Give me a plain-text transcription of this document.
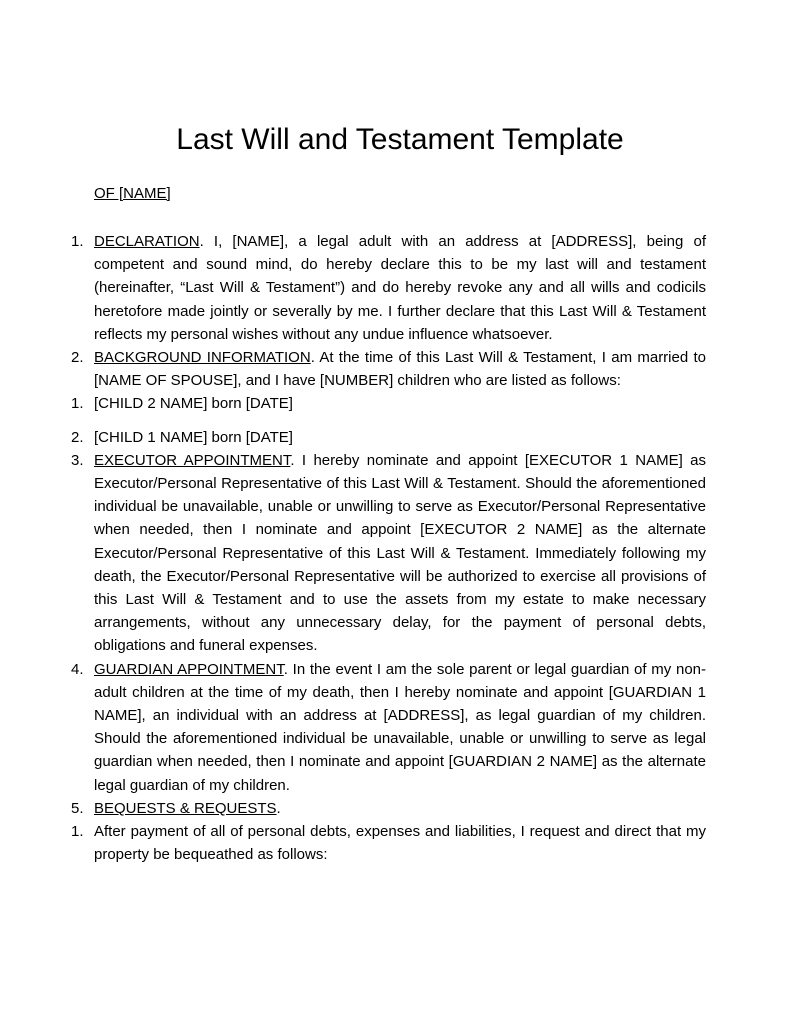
Last Will and Testament Template

OF [NAME]

1. DECLARATION. I, [NAME], a legal adult with an address at [ADDRESS], being of competent and sound mind, do hereby declare this to be my last will and testament (hereinafter, “Last Will & Testament”) and do hereby revoke any and all wills and codicils heretofore made jointly or severally by me. I further declare that this Last Will & Testament reflects my personal wishes without any undue influence whatsoever.
2. BACKGROUND INFORMATION. At the time of this Last Will & Testament, I am married to [NAME OF SPOUSE], and I have [NUMBER] children who are listed as follows:
1. [CHILD 2 NAME] born [DATE]
2. [CHILD 1 NAME] born [DATE]
3. EXECUTOR APPOINTMENT. I hereby nominate and appoint [EXECUTOR 1 NAME] as Executor/Personal Representative of this Last Will & Testament. Should the aforementioned individual be unavailable, unable or unwilling to serve as Executor/Personal Representative when needed, then I nominate and appoint [EXECUTOR 2 NAME] as the alternate Executor/Personal Representative of this Last Will & Testament. Immediately following my death, the Executor/Personal Representative will be authorized to exercise all provisions of this Last Will & Testament and to use the assets from my estate to make necessary arrangements, without any unnecessary delay, for the payment of personal debts, obligations and funeral expenses.
4. GUARDIAN APPOINTMENT. In the event I am the sole parent or legal guardian of my non-adult children at the time of my death, then I hereby nominate and appoint [GUARDIAN 1 NAME], an individual with an address at [ADDRESS], as legal guardian of my children. Should the aforementioned individual be unavailable, unable or unwilling to serve as legal guardian when needed, then I nominate and appoint [GUARDIAN 2 NAME] as the alternate legal guardian of my children.
5. BEQUESTS & REQUESTS.
1. After payment of all of personal debts, expenses and liabilities, I request and direct that my property be bequeathed as follows:
